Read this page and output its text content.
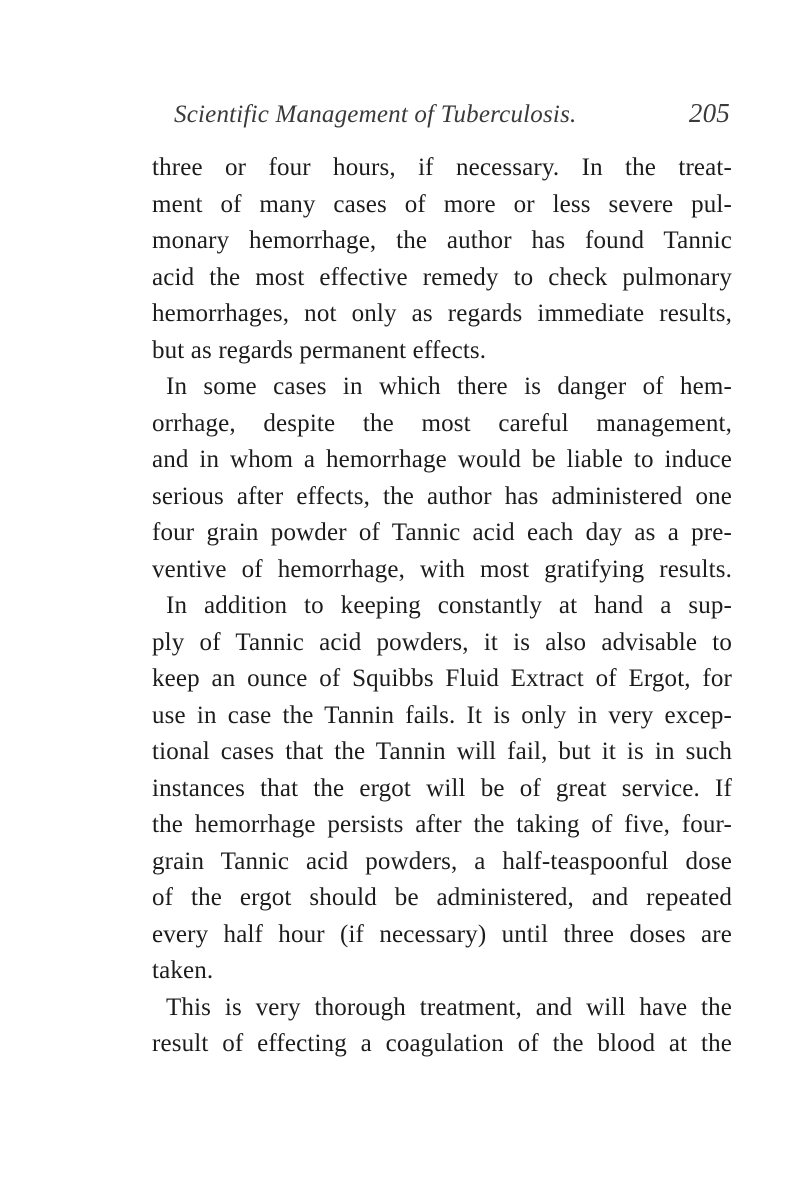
Scientific Management of Tuberculosis.	205
three or four hours, if necessary. In the treat-
ment of many cases of more or less severe pul-
monary hemorrhage, the author has found Tannic
acid the most effective remedy to check pulmonary
hemorrhages, not only as regards immediate results,
but as regards permanent effects.
In some cases in which there is danger of hem-
orrhage, despite the most careful management,
and in whom a hemorrhage would be liable to induce
serious after effects, the author has administered one
four grain powder of Tannic acid each day as a pre-
ventive of hemorrhage, with most gratifying results.
In addition to keeping constantly at hand a sup-
ply of Tannic acid powders, it is also advisable to
keep an ounce of Squibbs Fluid Extract of Ergot, for
use in case the Tannin fails. It is only in very excep-
tional cases that the Tannin will fail, but it is in such
instances that the ergot will be of great service. If
the hemorrhage persists after the taking of five, four-
grain Tannic acid powders, a half-teaspoonful dose
of the ergot should be administered, and repeated
every half hour (if necessary) until three doses are
taken.
This is very thorough treatment, and will have the
result of effecting a coagulation of the blood at the
